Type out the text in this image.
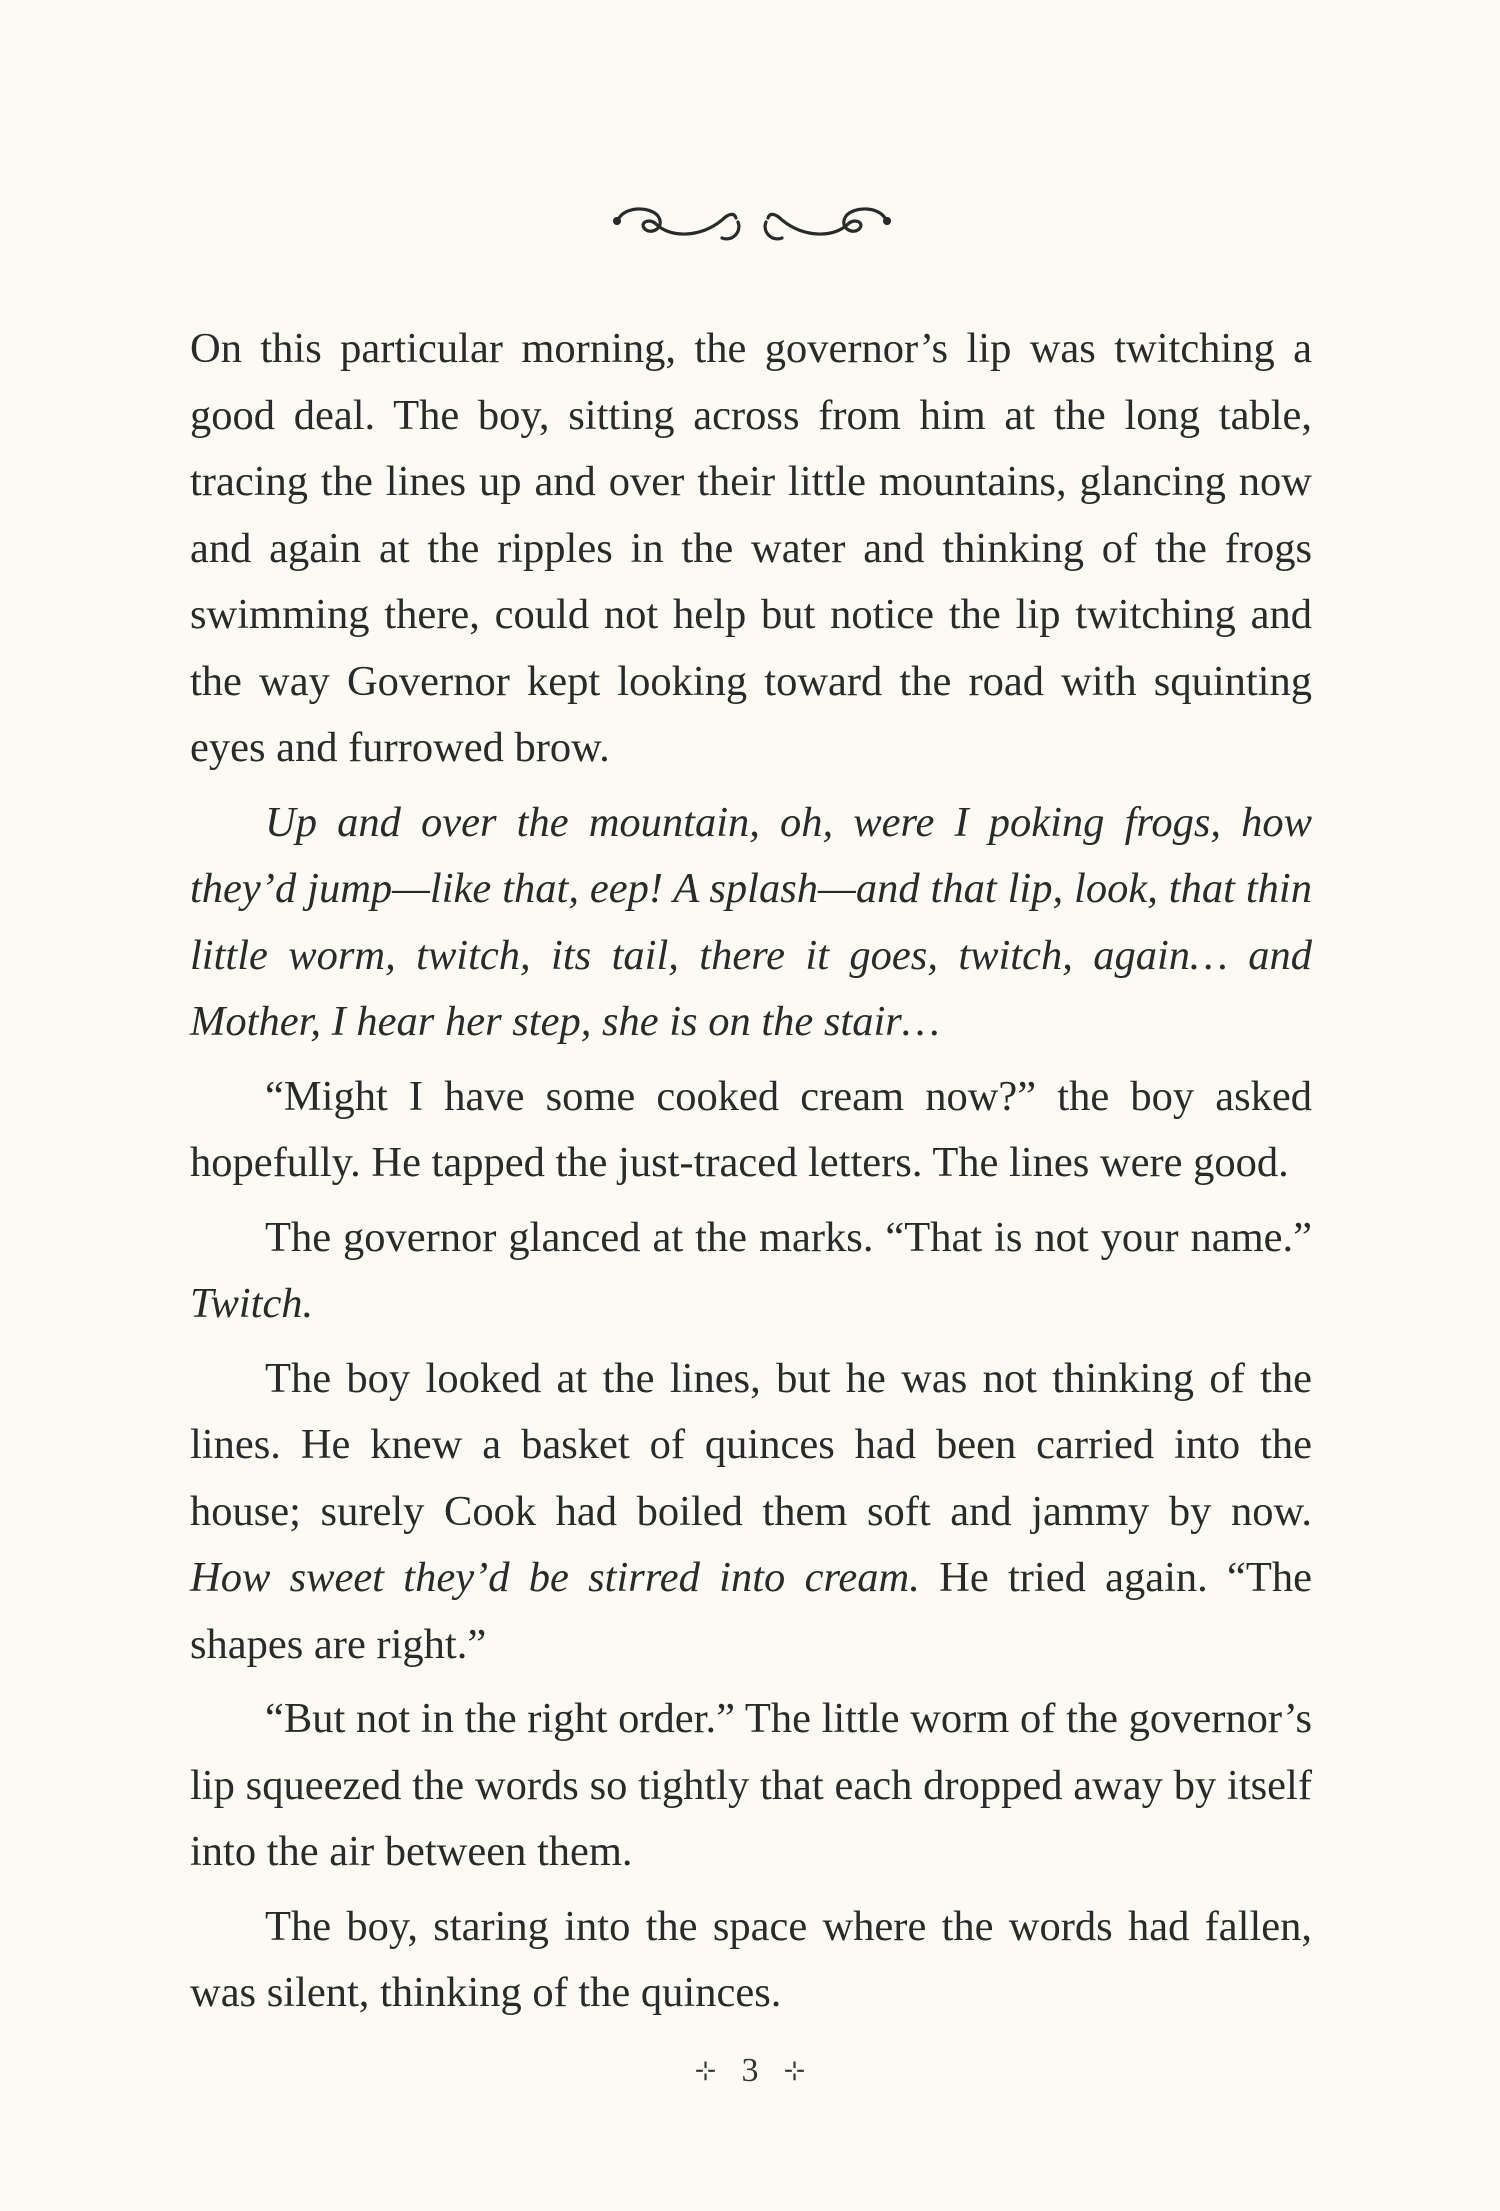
On this particular morning, the governor’s lip was twitching a good deal. The boy, sitting across from him at the long table, tracing the lines up and over their little mountains, glancing now and again at the ripples in the water and thinking of the frogs swimming there, could not help but notice the lip twitching and the way Governor kept looking toward the road with squinting eyes and furrowed brow.

Up and over the mountain, oh, were I poking frogs, how they’d jump—like that, eep! A splash—and that lip, look, that thin little worm, twitch, its tail, there it goes, twitch, again… and Mother, I hear her step, she is on the stair…

“Might I have some cooked cream now?” the boy asked hopefully. He tapped the just-traced letters. The lines were good.

The governor glanced at the marks. “That is not your name.” Twitch.

The boy looked at the lines, but he was not thinking of the lines. He knew a basket of quinces had been carried into the house; surely Cook had boiled them soft and jammy by now. How sweet they’d be stirred into cream. He tried again. “The shapes are right.”

“But not in the right order.” The little worm of the governor’s lip squeezed the words so tightly that each dropped away by itself into the air between them.

The boy, staring into the space where the words had fallen, was silent, thinking of the quinces.

⊹ 3 ⊹
